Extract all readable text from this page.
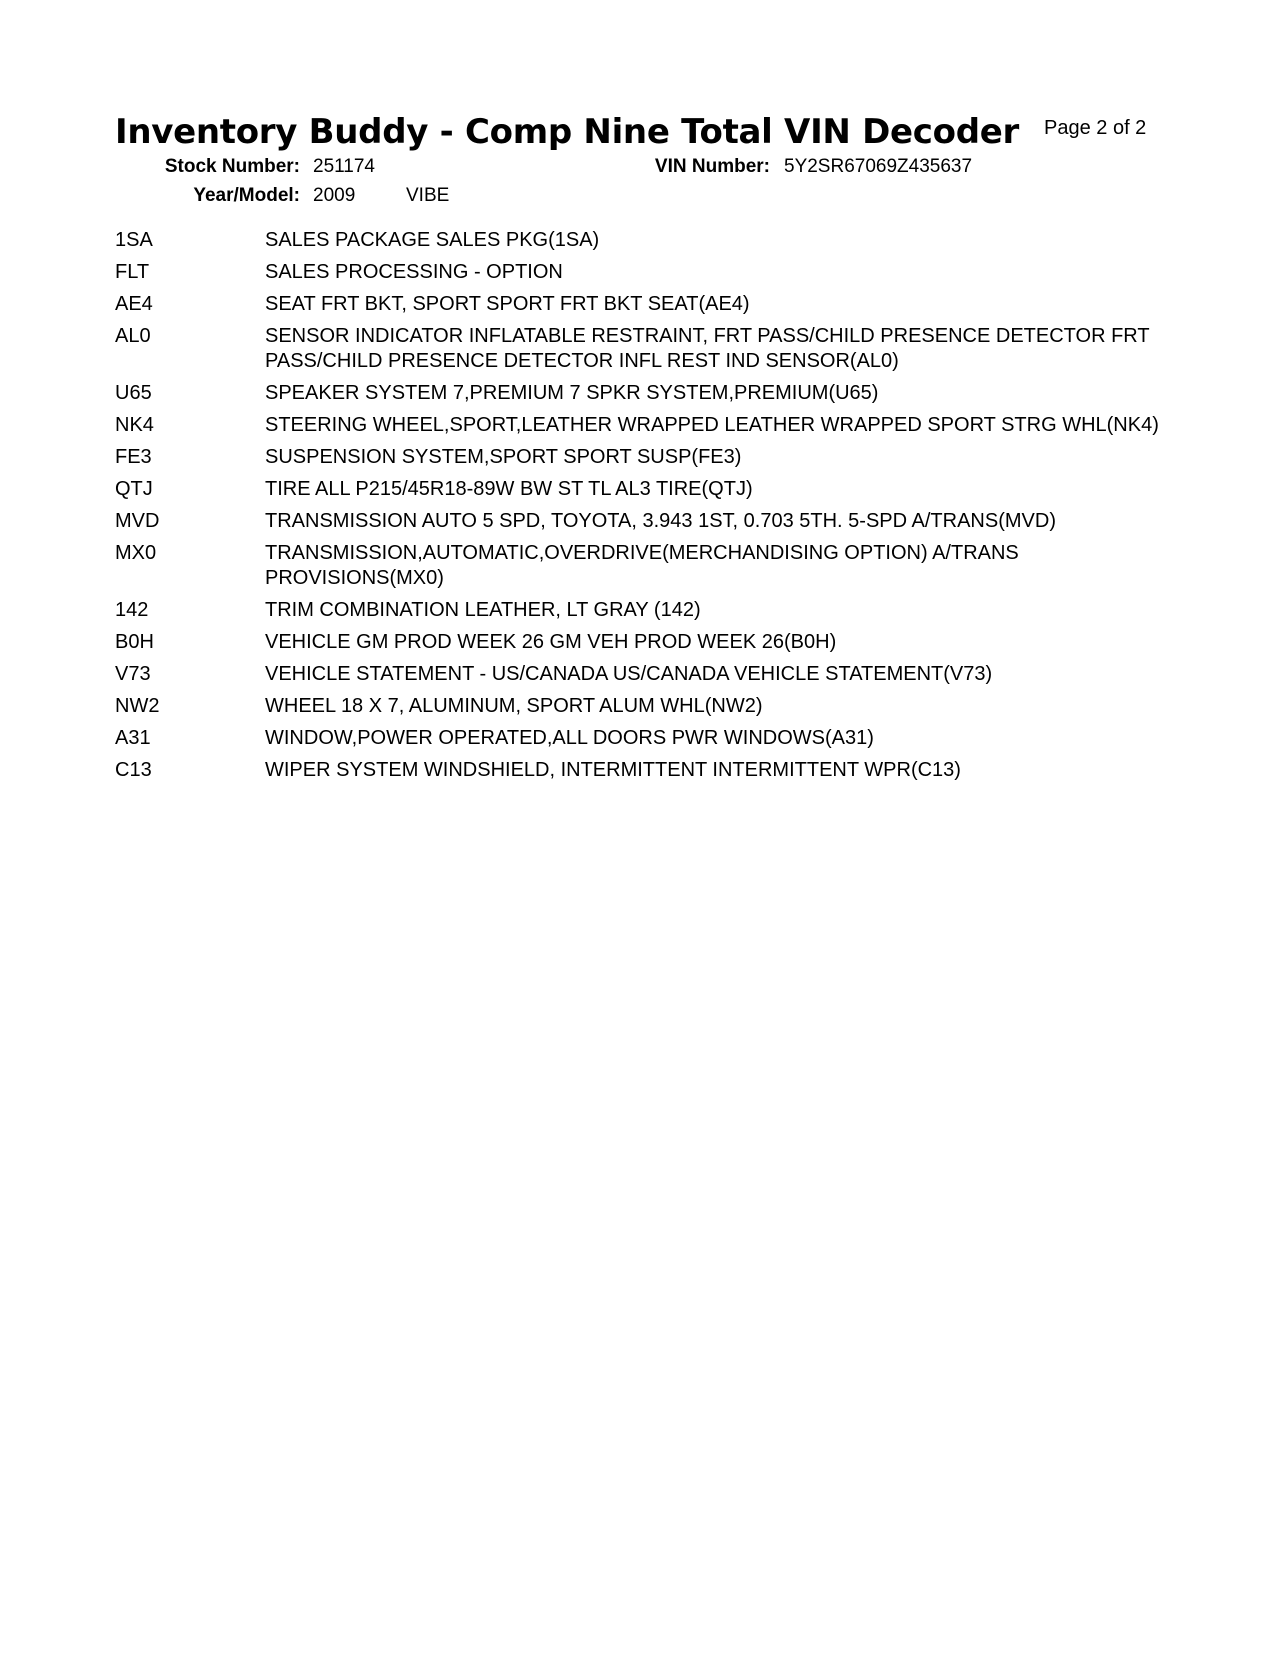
Inventory Buddy - Comp Nine Total VIN Decoder Page 2 of 2
Stock Number: 251174	VIN Number: 5Y2SR67069Z435637
Year/Model: 2009	VIBE
1SA	SALES PACKAGE SALES PKG(1SA)
FLT	SALES PROCESSING - OPTION
AE4	SEAT FRT BKT, SPORT SPORT FRT BKT SEAT(AE4)
AL0	SENSOR INDICATOR INFLATABLE RESTRAINT, FRT PASS/CHILD PRESENCE DETECTOR FRT PASS/CHILD PRESENCE DETECTOR INFL REST IND SENSOR(AL0)
U65	SPEAKER SYSTEM 7,PREMIUM 7 SPKR SYSTEM,PREMIUM(U65)
NK4	STEERING WHEEL,SPORT,LEATHER WRAPPED LEATHER WRAPPED SPORT STRG WHL(NK4)
FE3	SUSPENSION SYSTEM,SPORT SPORT SUSP(FE3)
QTJ	TIRE ALL P215/45R18-89W BW ST TL AL3 TIRE(QTJ)
MVD	TRANSMISSION AUTO 5 SPD, TOYOTA, 3.943 1ST, 0.703 5TH. 5-SPD A/TRANS(MVD)
MX0	TRANSMISSION,AUTOMATIC,OVERDRIVE(MERCHANDISING OPTION) A/TRANS PROVISIONS(MX0)
142	TRIM COMBINATION LEATHER, LT GRAY (142)
B0H	VEHICLE GM PROD WEEK 26 GM VEH PROD WEEK 26(B0H)
V73	VEHICLE STATEMENT - US/CANADA US/CANADA VEHICLE STATEMENT(V73)
NW2	WHEEL 18 X 7, ALUMINUM, SPORT ALUM WHL(NW2)
A31	WINDOW,POWER OPERATED,ALL DOORS PWR WINDOWS(A31)
C13	WIPER SYSTEM WINDSHIELD, INTERMITTENT INTERMITTENT WPR(C13)
